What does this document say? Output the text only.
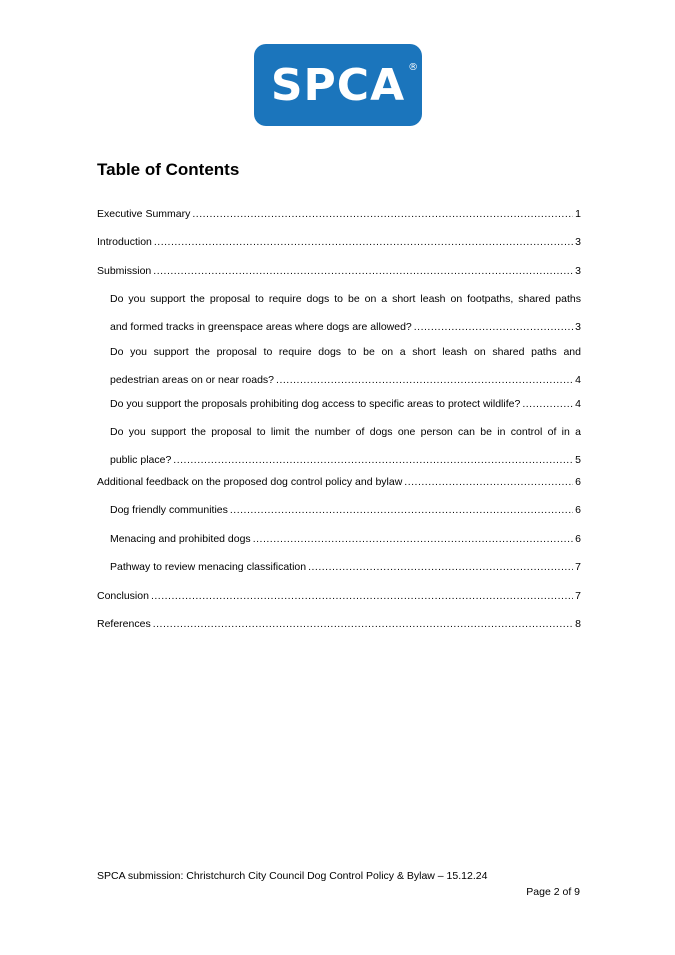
SPCA ®
Table of Contents
Executive Summary .....	1
Introduction .....	3
Submission .....	3
Do you support the proposal to require dogs to be on a short leash on footpaths, shared paths
and formed tracks in greenspace areas where dogs are allowed? .....	3
Do you support the proposal to require dogs to be on a short leash on shared paths and
pedestrian areas on or near roads? .....	4
Do you support the proposals prohibiting dog access to specific areas to protect wildlife? .....	4
Do you support the proposal to limit the number of dogs one person can be in control of in a
public place? .....	5
Additional feedback on the proposed dog control policy and bylaw .....	6
Dog friendly communities .....	6
Menacing and prohibited dogs .....	6
Pathway to review menacing classification .....	7
Conclusion .....	7
References .....	8
SPCA submission: Christchurch City Council Dog Control Policy & Bylaw – 15.12.24
Page 2 of 9
